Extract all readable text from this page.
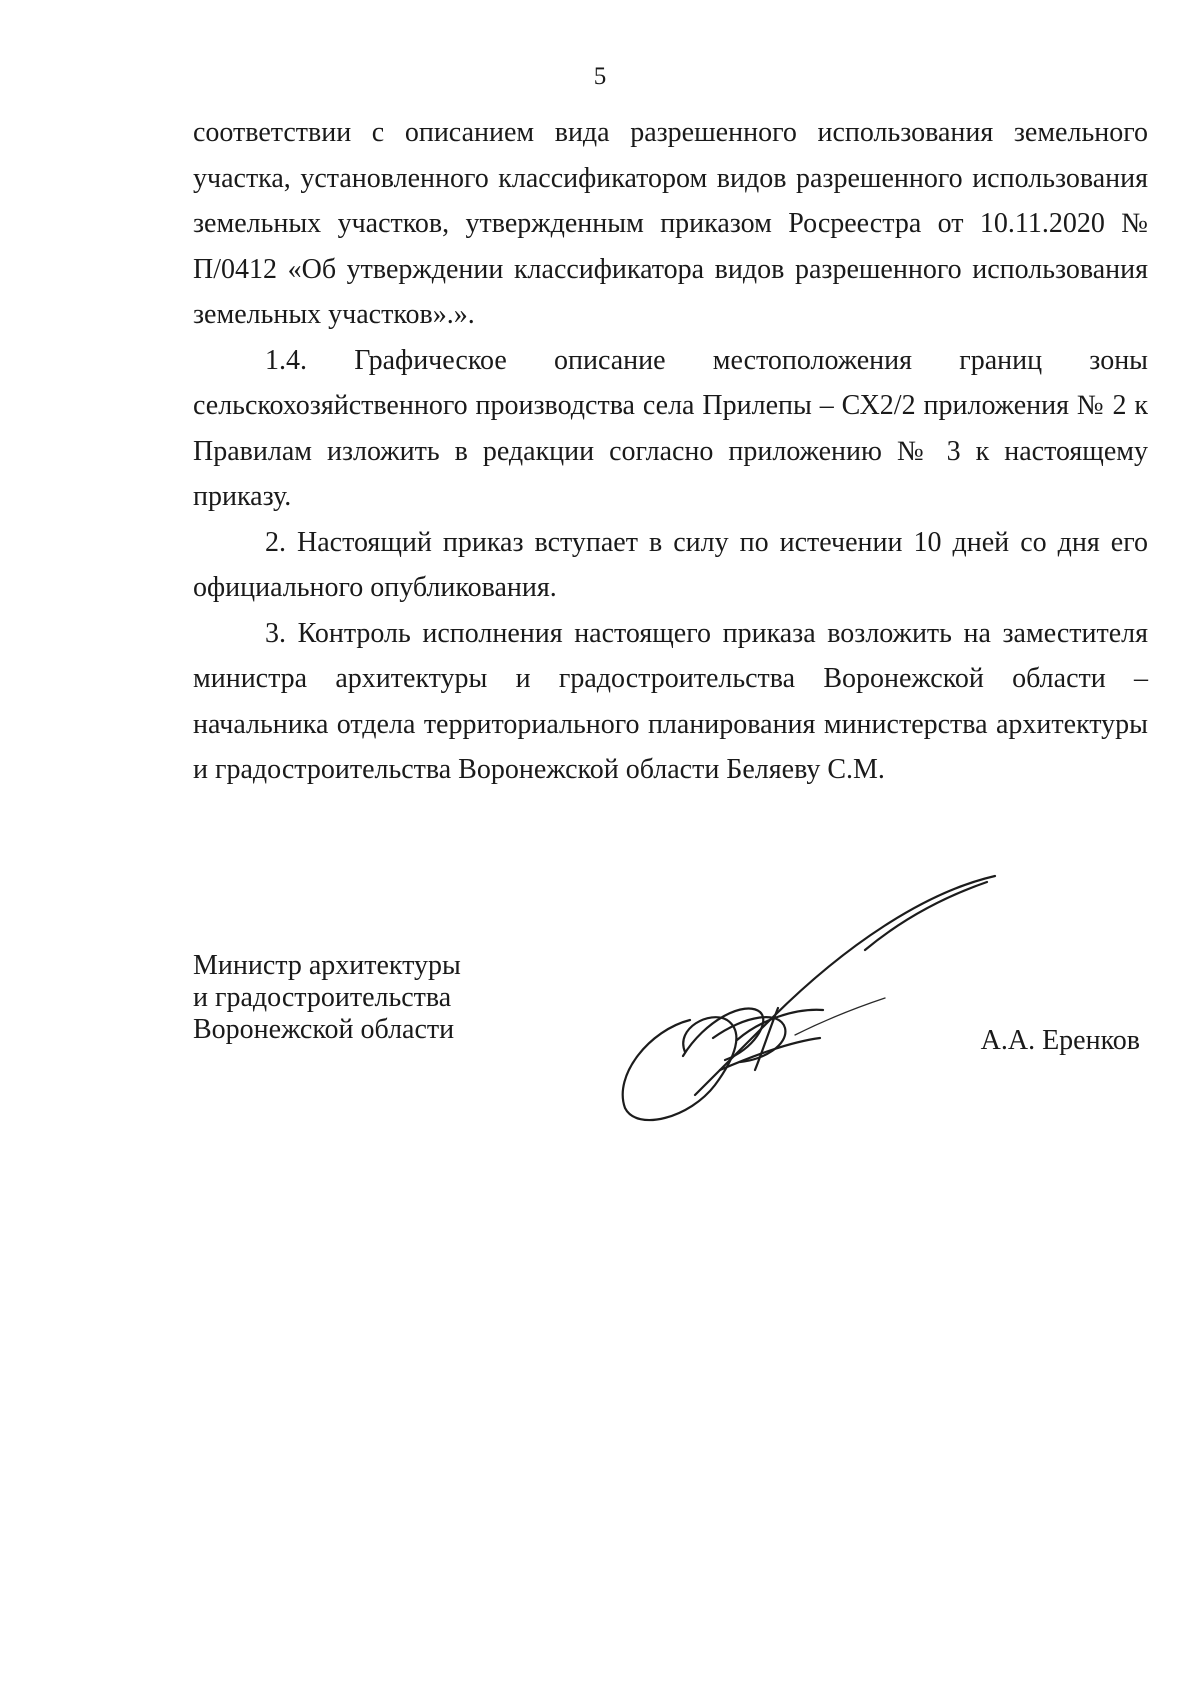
5

соответствии с описанием вида разрешенного использования земельного участка, установленного классификатором видов разрешенного использования земельных участков, утвержденным приказом Росреестра от 10.11.2020 № П/0412 «Об утверждении классификатора видов разрешенного использования земельных участков».».

1.4. Графическое описание местоположения границ зоны сельскохозяйственного производства села Прилепы – СХ2/2 приложения № 2 к Правилам изложить в редакции согласно приложению № 3 к настоящему приказу.

2. Настоящий приказ вступает в силу по истечении 10 дней со дня его официального опубликования.

3. Контроль исполнения настоящего приказа возложить на заместителя министра архитектуры и градостроительства Воронежской области – начальника отдела территориального планирования министерства архитектуры и градостроительства Воронежской области Беляеву С.М.

Министр архитектуры
и градостроительства
Воронежской области	А.А. Еренков
